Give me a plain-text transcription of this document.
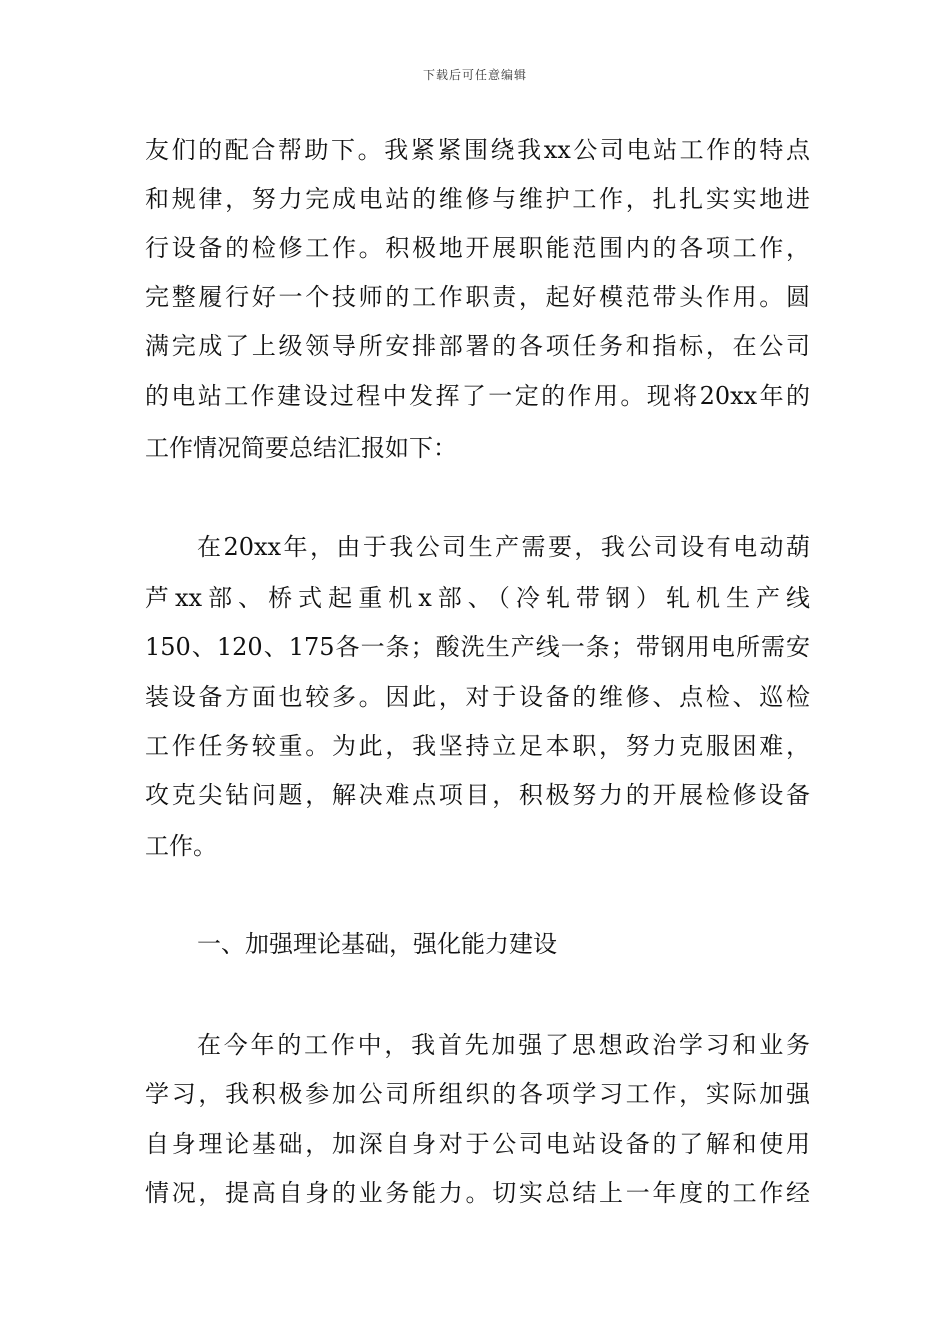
下载后可任意编辑
友们的配合帮助下。我紧紧围绕我xx公司电站工作的特点
和规律，努力完成电站的维修与维护工作，扎扎实实地进
行设备的检修工作。积极地开展职能范围内的各项工作，
完整履行好一个技师的工作职责，起好模范带头作用。圆
满完成了上级领导所安排部署的各项任务和指标，在公司
的电站工作建设过程中发挥了一定的作用。现将20xx年的
工作情况简要总结汇报如下：
在20xx年，由于我公司生产需要，我公司设有电动葫
芦xx部、桥式起重机x部、（冷轧带钢）轧机生产线
150、120、175各一条；酸洗生产线一条；带钢用电所需安
装设备方面也较多。因此，对于设备的维修、点检、巡检
工作任务较重。为此，我坚持立足本职，努力克服困难，
攻克尖钻问题，解决难点项目，积极努力的开展检修设备
工作。
一、加强理论基础，强化能力建设
在今年的工作中，我首先加强了思想政治学习和业务
学习，我积极参加公司所组织的各项学习工作，实际加强
自身理论基础，加深自身对于公司电站设备的了解和使用
情况，提高自身的业务能力。切实总结上一年度的工作经
